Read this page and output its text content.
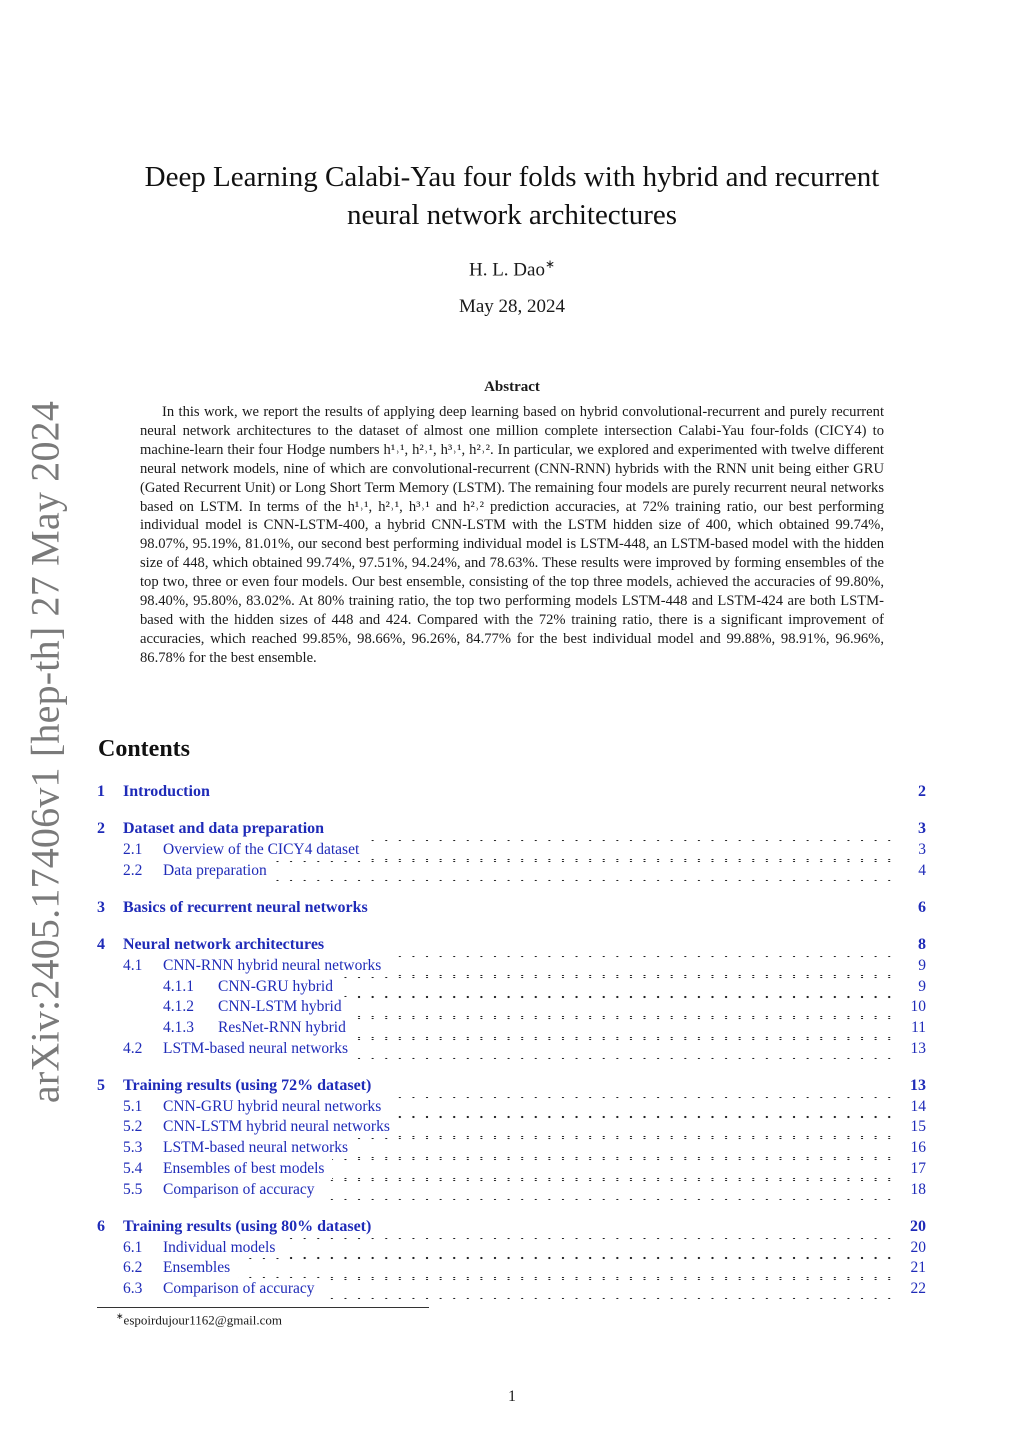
arXiv:2405.17406v1 [hep-th] 27 May 2024
Deep Learning Calabi-Yau four folds with hybrid and recurrent
neural network architectures
H. L. Dao∗
May 28, 2024
Abstract

In this work, we report the results of applying deep learning based on hybrid convolutional-recurrent and purely recurrent neural network architectures to the dataset of almost one million complete intersection Calabi-Yau four-folds (CICY4) to machine-learn their four Hodge numbers h¹˒¹, h²˒¹, h³˒¹, h²˒². In particular, we explored and experimented with twelve different neural network models, nine of which are convolutional-recurrent (CNN-RNN) hybrids with the RNN unit being either GRU (Gated Recurrent Unit) or Long Short Term Memory (LSTM). The remaining four models are purely recurrent neural networks based on LSTM. In terms of the h¹˒¹, h²˒¹, h³˒¹ and h²˒² prediction accuracies, at 72% training ratio, our best performing individual model is CNN-LSTM-400, a hybrid CNN-LSTM with the LSTM hidden size of 400, which obtained 99.74%, 98.07%, 95.19%, 81.01%, our second best performing individual model is LSTM-448, an LSTM-based model with the hidden size of 448, which obtained 99.74%, 97.51%, 94.24%, and 78.63%. These results were improved by forming ensembles of the top two, three or even four models. Our best ensemble, consisting of the top three models, achieved the accuracies of 99.80%, 98.40%, 95.80%, 83.02%. At 80% training ratio, the top two performing models LSTM-448 and LSTM-424 are both LSTM-based with the hidden sizes of 448 and 424. Compared with the 72% training ratio, there is a significant improvement of accuracies, which reached 99.85%, 98.66%, 96.26%, 84.77% for the best individual model and 99.88%, 98.91%, 96.96%, 86.78% for the best ensemble.

Contents
1 Introduction	2
2 Dataset and data preparation	3
2.1 Overview of the CICY4 dataset	3
2.2 Data preparation	4
3 Basics of recurrent neural networks	6
4 Neural network architectures	8
4.1 CNN-RNN hybrid neural networks	9
4.1.1 CNN-GRU hybrid	9
4.1.2 CNN-LSTM hybrid	10
4.1.3 ResNet-RNN hybrid	11
4.2 LSTM-based neural networks	13
5 Training results (using 72% dataset)	13
5.1 CNN-GRU hybrid neural networks	14
5.2 CNN-LSTM hybrid neural networks	15
5.3 LSTM-based neural networks	16
5.4 Ensembles of best models	17
5.5 Comparison of accuracy	18
6 Training results (using 80% dataset)	20
6.1 Individual models	20
6.2 Ensembles	21
6.3 Comparison of accuracy	22
∗espoirdujour1162@gmail.com
1
